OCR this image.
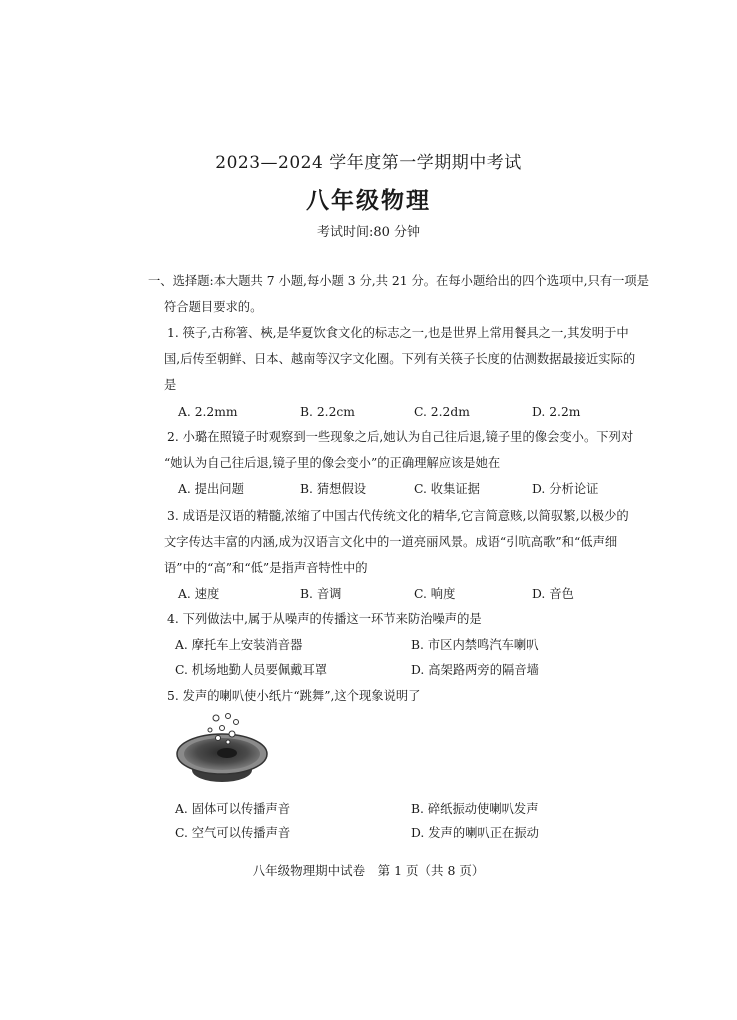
2023—2024 学年度第一学期期中考试
八年级物理
考试时间:80 分钟
一、选择题:本大题共 7 小题,每小题 3 分,共 21 分。在每小题给出的四个选项中,只有一项是
符合题目要求的。
1. 筷子,古称箸、梜,是华夏饮食文化的标志之一,也是世界上常用餐具之一,其发明于中
国,后传至朝鲜、日本、越南等汉字文化圈。下列有关筷子长度的估测数据最接近实际的
是
A. 2.2mm	B. 2.2cm	C. 2.2dm	D. 2.2m
2. 小璐在照镜子时观察到一些现象之后,她认为自己往后退,镜子里的像会变小。下列对
“她认为自己往后退,镜子里的像会变小”的正确理解应该是她在
A. 提出问题	B. 猜想假设	C. 收集证据	D. 分析论证
3. 成语是汉语的精髓,浓缩了中国古代传统文化的精华,它言简意赅,以简驭繁,以极少的
文字传达丰富的内涵,成为汉语言文化中的一道亮丽风景。成语“引吭高歌”和“低声细
语”中的“高”和“低”是指声音特性中的
A. 速度	B. 音调	C. 响度	D. 音色
4. 下列做法中,属于从噪声的传播这一环节来防治噪声的是
A. 摩托车上安装消音器	B. 市区内禁鸣汽车喇叭
C. 机场地勤人员要佩戴耳罩	D. 高架路两旁的隔音墙
5. 发声的喇叭使小纸片“跳舞”,这个现象说明了
A. 固体可以传播声音	B. 碎纸振动使喇叭发声
C. 空气可以传播声音	D. 发声的喇叭正在振动
八年级物理期中试卷　第 1 页（共 8 页）
